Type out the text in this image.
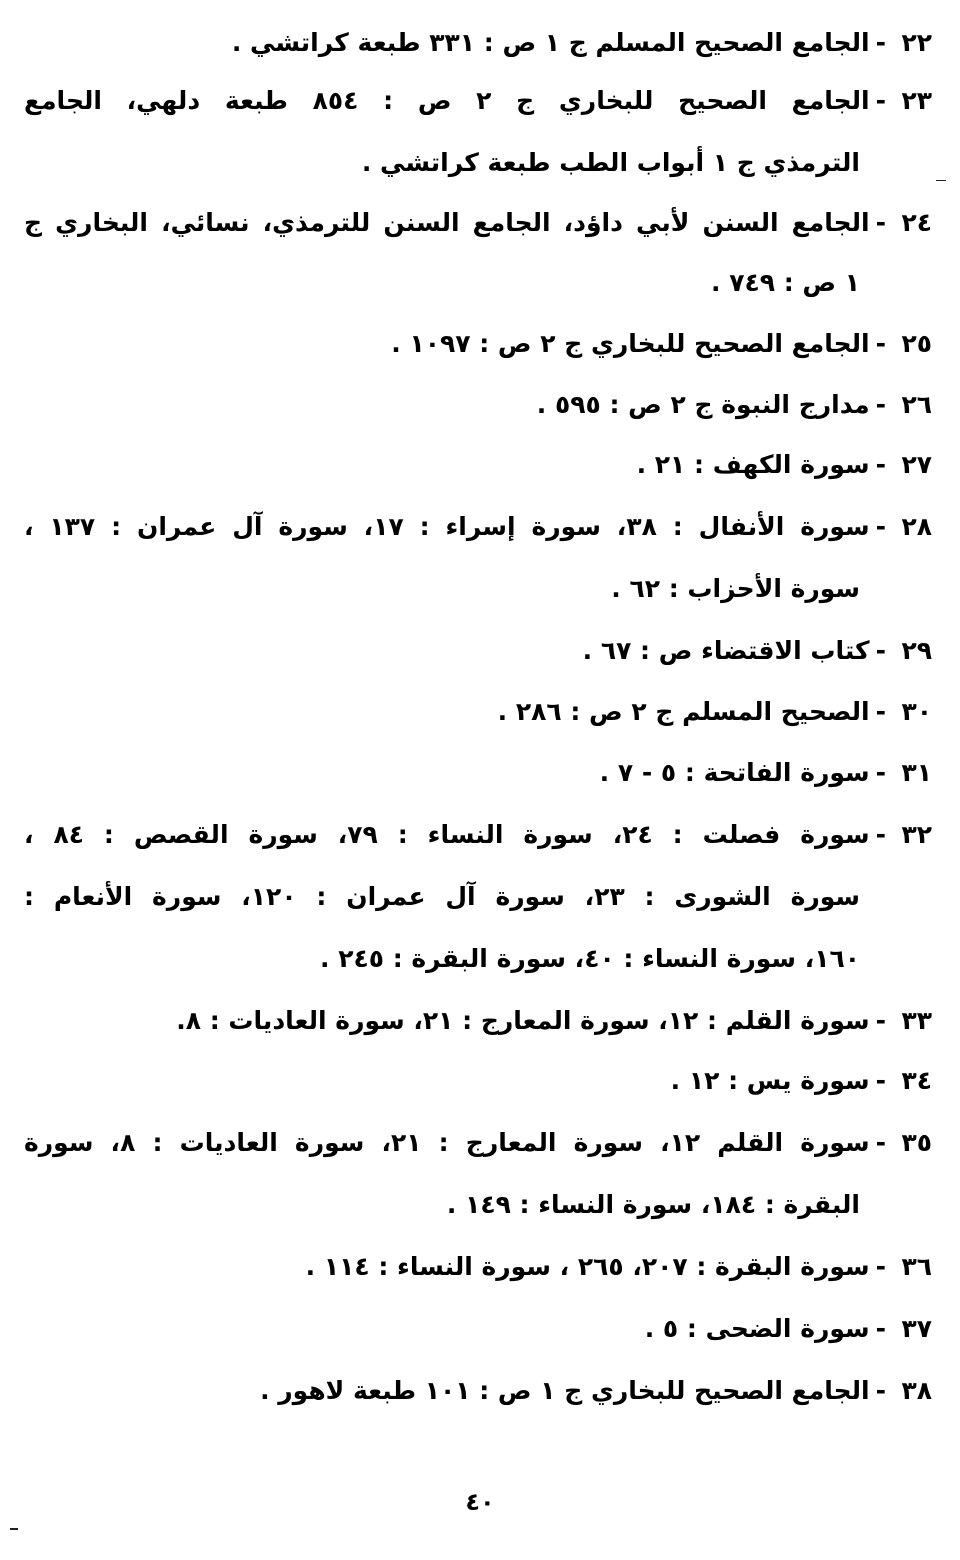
٢٢-الجامع الصحيح المسلم ج ١ ص : ٣٣١ طبعة كراتشي .
٢٣-الجامع الصحيح للبخاري ج ٢ ص : ٨٥٤ طبعة دلهي، الجامع
الترمذي ج ١ أبواب الطب طبعة كراتشي .
٢٤-الجامع السنن لأبي داؤد، الجامع السنن للترمذي، نسائي، البخاري ج
١ ص : ٧٤٩ .
٢٥-الجامع الصحيح للبخاري ج ٢ ص : ١٠٩٧ .
٢٦-مدارج النبوة ج ٢ ص : ٥٩٥ .
٢٧-سورة الكهف : ٢١ .
٢٨-سورة الأنفال : ٣٨، سورة إسراء : ١٧، سورة آل عمران : ١٣٧ ،
سورة الأحزاب : ٦٢ .
٢٩-كتاب الاقتضاء ص : ٦٧ .
٣٠-الصحيح المسلم ج ٢ ص : ٢٨٦ .
٣١-سورة الفاتحة : ٥ - ٧ .
٣٢-سورة فصلت : ٢٤، سورة النساء : ٧٩، سورة القصص : ٨٤ ،
سورة الشورى : ٢٣، سورة آل عمران : ١٢٠، سورة الأنعام :
١٦٠، سورة النساء : ٤٠، سورة البقرة : ٢٤٥ .
٣٣-سورة القلم : ١٢، سورة المعارج : ٢١، سورة العاديات : ٨.
٣٤-سورة يس : ١٢ .
٣٥-سورة القلم ١٢، سورة المعارج : ٢١، سورة العاديات : ٨، سورة
البقرة : ١٨٤، سورة النساء : ١٤٩ .
٣٦-سورة البقرة : ٢٠٧، ٢٦٥ ، سورة النساء : ١١٤ .
٣٧-سورة الضحى : ٥ .
٣٨-الجامع الصحيح للبخاري ج ١ ص : ١٠١ طبعة لاهور .
٤٠
